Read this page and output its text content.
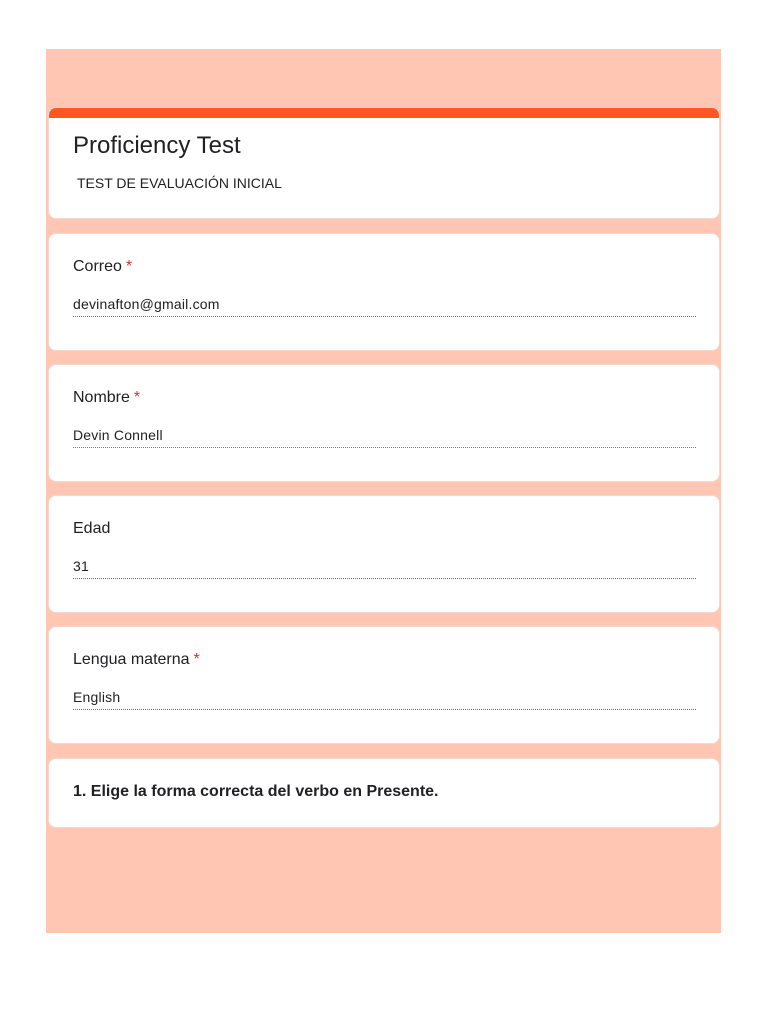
Proficiency Test
TEST DE EVALUACIÓN INICIAL
Correo *
devinafton@gmail.com
Nombre *
Devin Connell
Edad
31
Lengua materna *
English
1. Elige la forma correcta del verbo en Presente.
